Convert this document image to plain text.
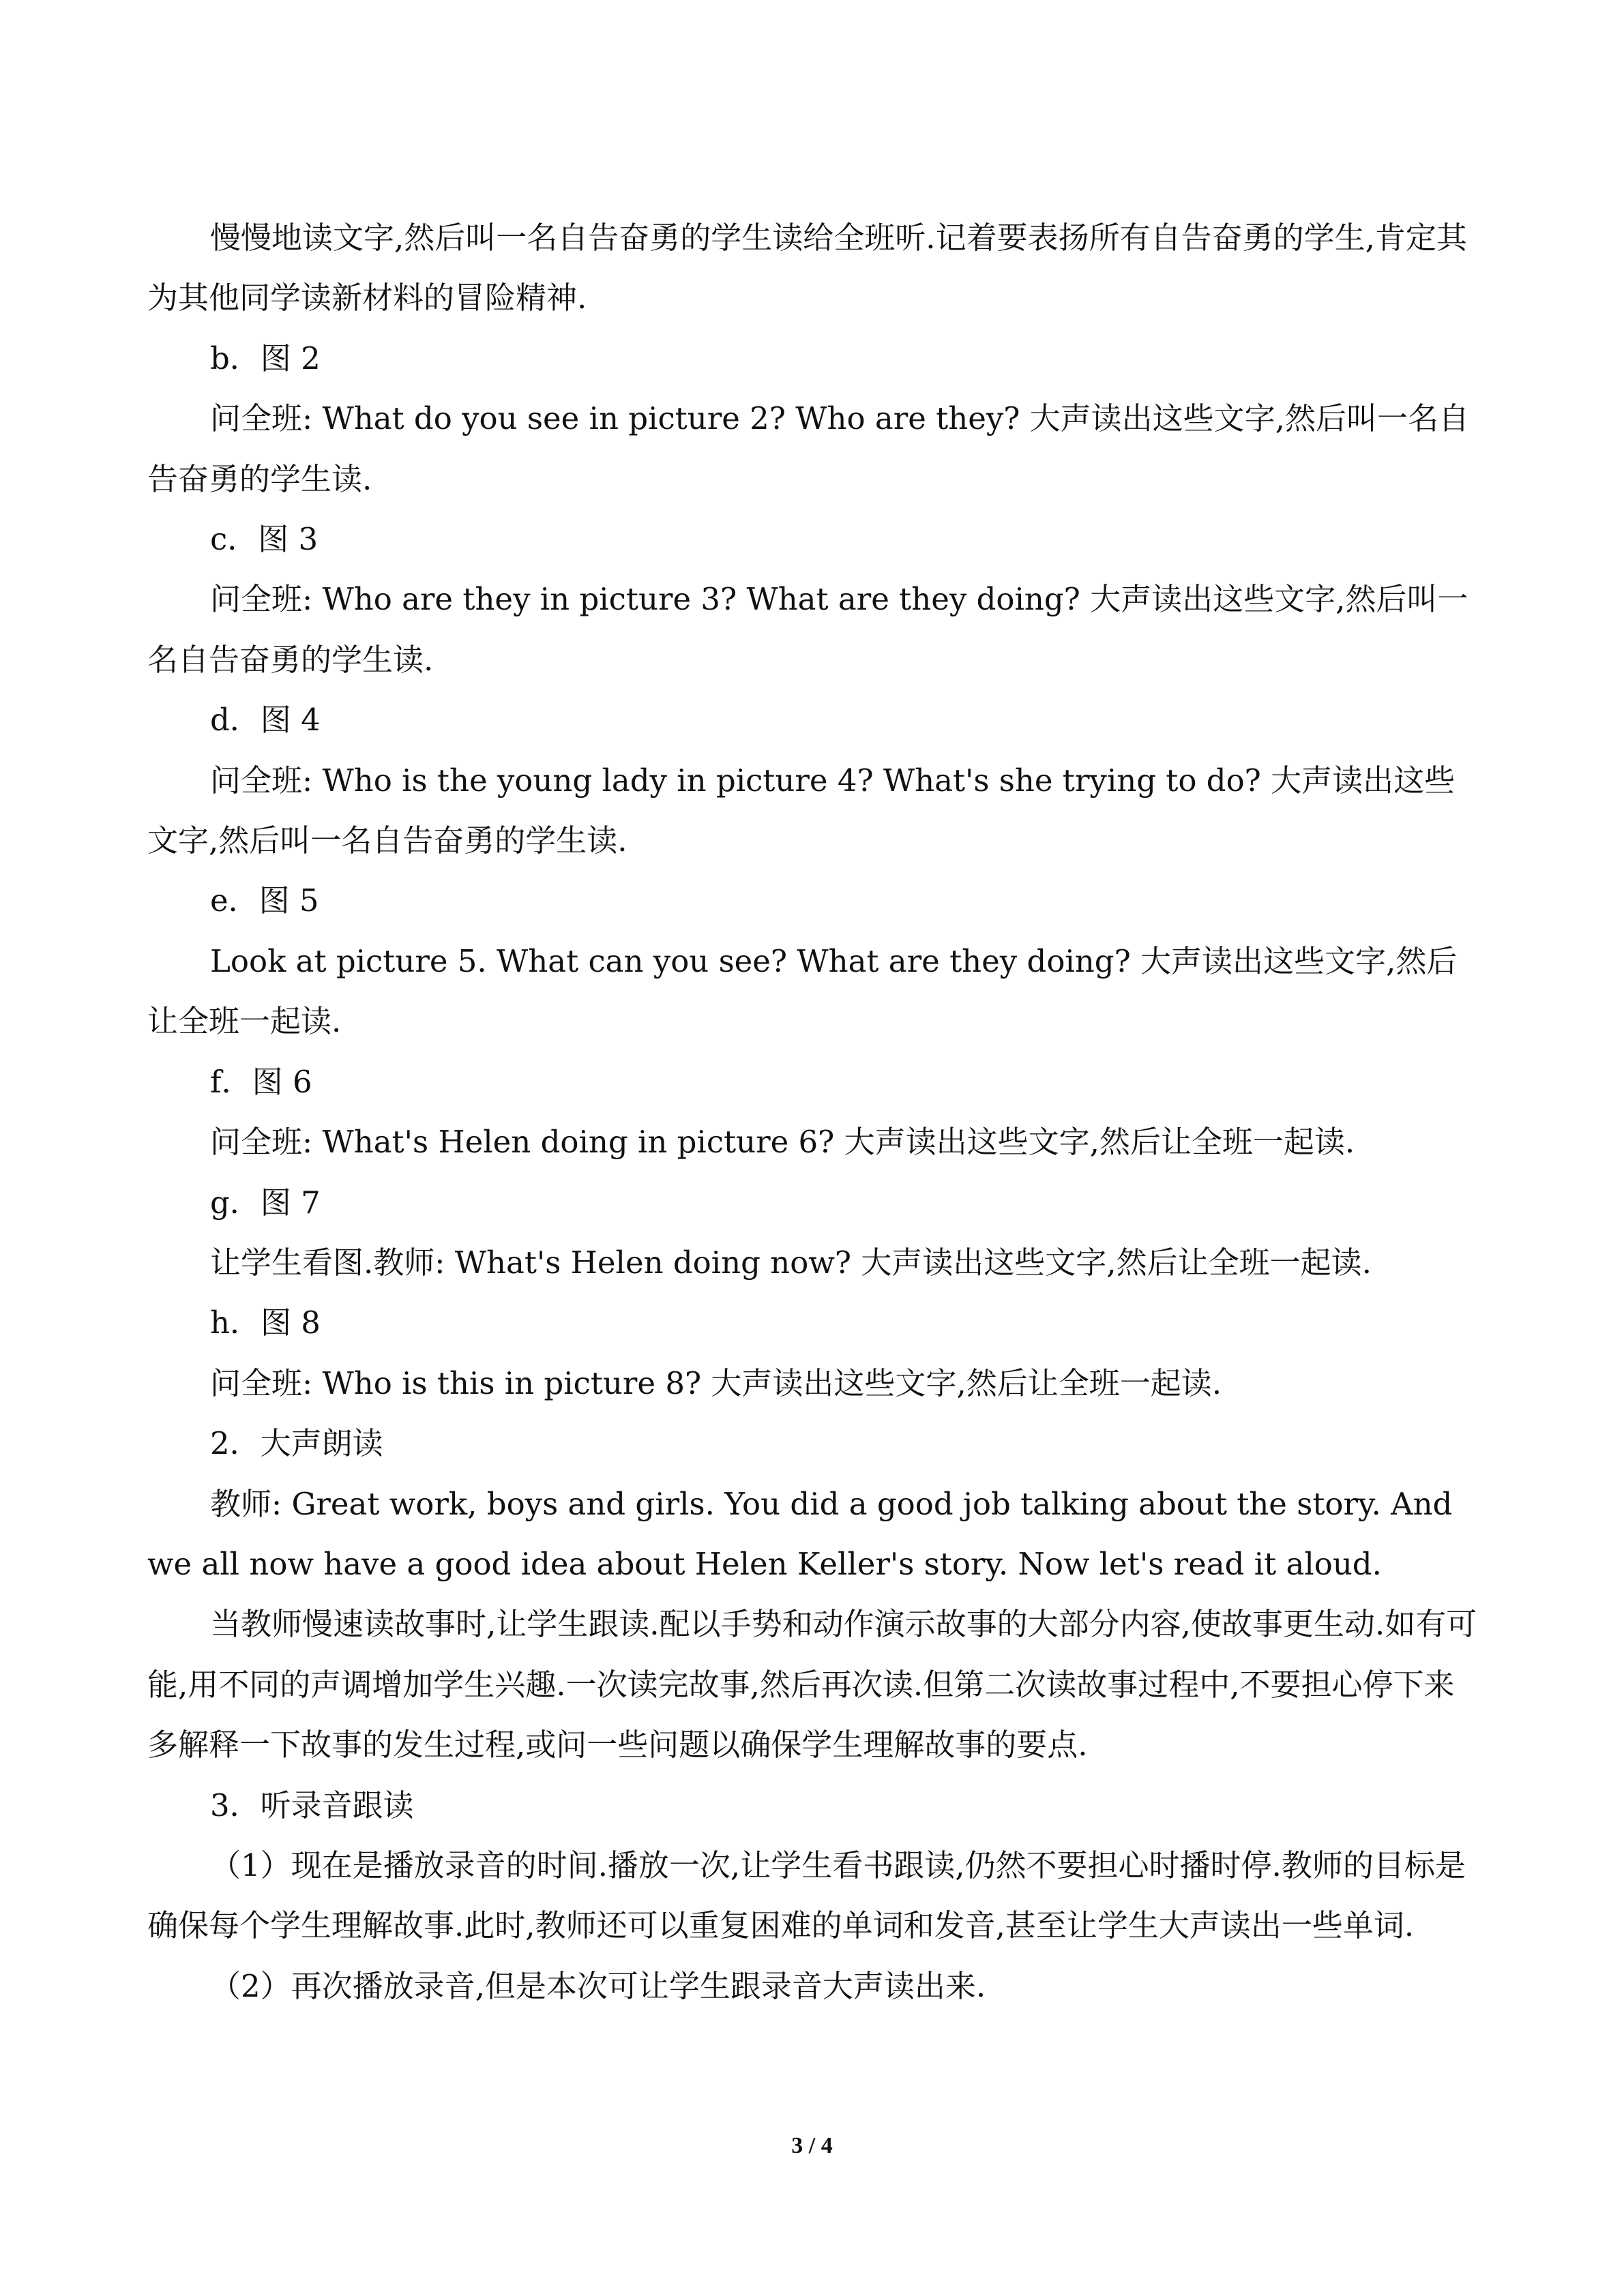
慢慢地读文字,然后叫一名自告奋勇的学生读给全班听.记着要表扬所有自告奋勇的学生,肯定其为其他同学读新材料的冒险精神.

b．图 2

问全班: What do you see in picture 2? Who are they? 大声读出这些文字,然后叫一名自告奋勇的学生读.

c．图 3

问全班: Who are they in picture 3? What are they doing? 大声读出这些文字,然后叫一名自告奋勇的学生读.

d．图 4

问全班: Who is the young lady in picture 4? What's she trying to do? 大声读出这些文字,然后叫一名自告奋勇的学生读.

e．图 5

Look at picture 5. What can you see? What are they doing? 大声读出这些文字,然后让全班一起读.

f．图 6

问全班: What's Helen doing in picture 6? 大声读出这些文字,然后让全班一起读.

g．图 7

让学生看图.教师: What's Helen doing now? 大声读出这些文字,然后让全班一起读.

h．图 8

问全班: Who is this in picture 8? 大声读出这些文字,然后让全班一起读.

2．大声朗读

教师: Great work, boys and girls. You did a good job talking about the story. And we all now have a good idea about Helen Keller's story. Now let's read it aloud.

当教师慢速读故事时,让学生跟读.配以手势和动作演示故事的大部分内容,使故事更生动.如有可能,用不同的声调增加学生兴趣.一次读完故事,然后再次读.但第二次读故事过程中,不要担心停下来多解释一下故事的发生过程,或问一些问题以确保学生理解故事的要点.

3．听录音跟读

（1）现在是播放录音的时间.播放一次,让学生看书跟读,仍然不要担心时播时停.教师的目标是确保每个学生理解故事.此时,教师还可以重复困难的单词和发音,甚至让学生大声读出一些单词.

（2）再次播放录音,但是本次可让学生跟录音大声读出来.

3 / 4
